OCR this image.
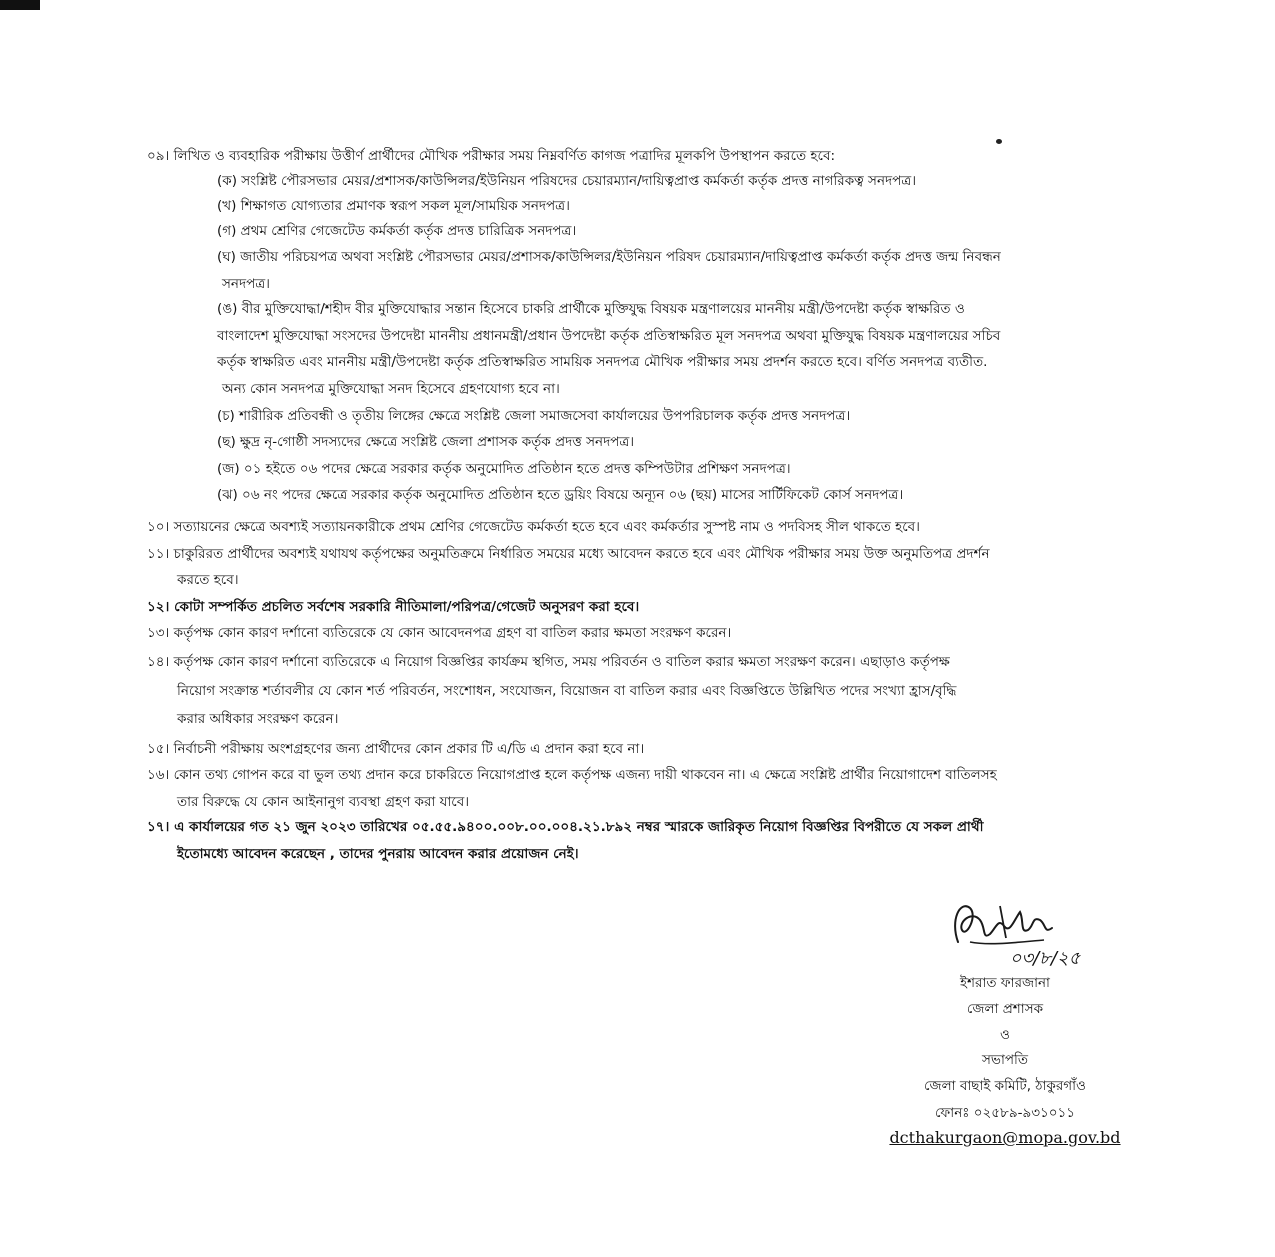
০৯। লিখিত ও ব্যবহারিক পরীক্ষায় উত্তীর্ণ প্রার্থীদের মৌখিক পরীক্ষার সময় নিম্নবর্ণিত কাগজ পত্রাদির মূলকপি উপস্থাপন করতে হবে:
(ক) সংশ্লিষ্ট পৌরসভার মেয়র/প্রশাসক/কাউন্সিলর/ইউনিয়ন পরিষদের চেয়ারম্যান/দায়িত্বপ্রাপ্ত কর্মকর্তা কর্তৃক প্রদত্ত নাগরিকত্ব সনদপত্র।
(খ) শিক্ষাগত যোগ্যতার প্রমাণক স্বরূপ সকল মূল/সাময়িক সনদপত্র।
(গ) প্রথম শ্রেণির গেজেটেড কর্মকর্তা কর্তৃক প্রদত্ত চারিত্রিক সনদপত্র।
(ঘ) জাতীয় পরিচয়পত্র অথবা সংশ্লিষ্ট পৌরসভার মেয়র/প্রশাসক/কাউন্সিলর/ইউনিয়ন পরিষদ চেয়ারম্যান/দায়িত্বপ্রাপ্ত কর্মকর্তা কর্তৃক প্রদত্ত জন্ম নিবন্ধন
সনদপত্র।
(ঙ) বীর মুক্তিযোদ্ধা/শহীদ বীর মুক্তিযোদ্ধার সন্তান হিসেবে চাকরি প্রার্থীকে মুক্তিযুদ্ধ বিষয়ক মন্ত্রণালয়ের মাননীয় মন্ত্রী/উপদেষ্টা কর্তৃক স্বাক্ষরিত ও
বাংলাদেশ মুক্তিযোদ্ধা সংসদের উপদেষ্টা মাননীয় প্রধানমন্ত্রী/প্রধান উপদেষ্টা কর্তৃক প্রতিস্বাক্ষরিত মূল সনদপত্র অথবা মুক্তিযুদ্ধ বিষয়ক মন্ত্রণালয়ের সচিব
কর্তৃক স্বাক্ষরিত এবং মাননীয় মন্ত্রী/উপদেষ্টা কর্তৃক প্রতিস্বাক্ষরিত সাময়িক সনদপত্র মৌখিক পরীক্ষার সময় প্রদর্শন করতে হবে। বর্ণিত সনদপত্র ব্যতীত.
অন্য কোন সনদপত্র মুক্তিযোদ্ধা সনদ হিসেবে গ্রহণযোগ্য হবে না।
(চ) শারীরিক প্রতিবন্ধী ও তৃতীয় লিঙ্গের ক্ষেত্রে সংশ্লিষ্ট জেলা সমাজসেবা কার্যালয়ের উপপরিচালক কর্তৃক প্রদত্ত সনদপত্র।
(ছ) ক্ষুদ্র নৃ-গোষ্ঠী সদস্যদের ক্ষেত্রে সংশ্লিষ্ট জেলা প্রশাসক কর্তৃক প্রদত্ত সনদপত্র।
(জ) ০১ হইতে ০৬ পদের ক্ষেত্রে সরকার কর্তৃক অনুমোদিত প্রতিষ্ঠান হতে প্রদত্ত কম্পিউটার প্রশিক্ষণ সনদপত্র।
(ঝ) ০৬ নং পদের ক্ষেত্রে সরকার কর্তৃক অনুমোদিত প্রতিষ্ঠান হতে ড্রয়িং বিষয়ে অন্যূন ০৬ (ছয়) মাসের সার্টিফিকেট কোর্স সনদপত্র।
১০। সত্যায়নের ক্ষেত্রে অবশ্যই সত্যায়নকারীকে প্রথম শ্রেণির গেজেটেড কর্মকর্তা হতে হবে এবং কর্মকর্তার সুস্পষ্ট নাম ও পদবিসহ সীল থাকতে হবে।
১১। চাকুরিরত প্রার্থীদের অবশ্যই যথাযথ কর্তৃপক্ষের অনুমতিক্রমে নির্ধারিত সময়ের মধ্যে আবেদন করতে হবে এবং মৌখিক পরীক্ষার সময় উক্ত অনুমতিপত্র প্রদর্শন
করতে হবে।
১২। কোটা সম্পর্কিত প্রচলিত সর্বশেষ সরকারি নীতিমালা/পরিপত্র/গেজেট অনুসরণ করা হবে।
১৩। কর্তৃপক্ষ কোন কারণ দর্শানো ব্যতিরেকে যে কোন আবেদনপত্র গ্রহণ বা বাতিল করার ক্ষমতা সংরক্ষণ করেন।
১৪। কর্তৃপক্ষ কোন কারণ দর্শানো ব্যতিরেকে এ নিয়োগ বিজ্ঞপ্তির কার্যক্রম স্থগিত, সময় পরিবর্তন ও বাতিল করার ক্ষমতা সংরক্ষণ করেন। এছাড়াও কর্তৃপক্ষ
নিয়োগ সংক্রান্ত শর্তাবলীর যে কোন শর্ত পরিবর্তন, সংশোধন, সংযোজন, বিয়োজন বা বাতিল করার এবং বিজ্ঞপ্তিতে উল্লিখিত পদের সংখ্যা হ্রাস/বৃদ্ধি
করার অধিকার সংরক্ষণ করেন।
১৫। নির্বাচনী পরীক্ষায় অংশগ্রহণের জন্য প্রার্থীদের কোন প্রকার টি এ/ডি এ প্রদান করা হবে না।
১৬। কোন তথ্য গোপন করে বা ভুল তথ্য প্রদান করে চাকরিতে নিয়োগপ্রাপ্ত হলে কর্তৃপক্ষ এজন্য দায়ী থাকবেন না। এ ক্ষেত্রে সংশ্লিষ্ট প্রার্থীর নিয়োগাদেশ বাতিলসহ
তার বিরুদ্ধে যে কোন আইনানুগ ব্যবস্থা গ্রহণ করা যাবে।
১৭। এ কার্যালয়ের গত ২১ জুন ২০২৩ তারিখের ০৫.৫৫.৯৪০০.০০৮.০০.০০৪.২১.৮৯২ নম্বর স্মারকে জারিকৃত নিয়োগ বিজ্ঞপ্তির বিপরীতে যে সকল প্রার্থী
ইতোমধ্যে আবেদন করেছেন , তাদের পুনরায় আবেদন করার প্রয়োজন নেই।
০৩/৮/২৫
ইশরাত ফারজানা
জেলা প্রশাসক
ও
সভাপতি
জেলা বাছাই কমিটি, ঠাকুরগাঁও
ফোনঃ ০২৫৮৯-৯৩১০১১
dcthakurgaon@mopa.gov.bd
